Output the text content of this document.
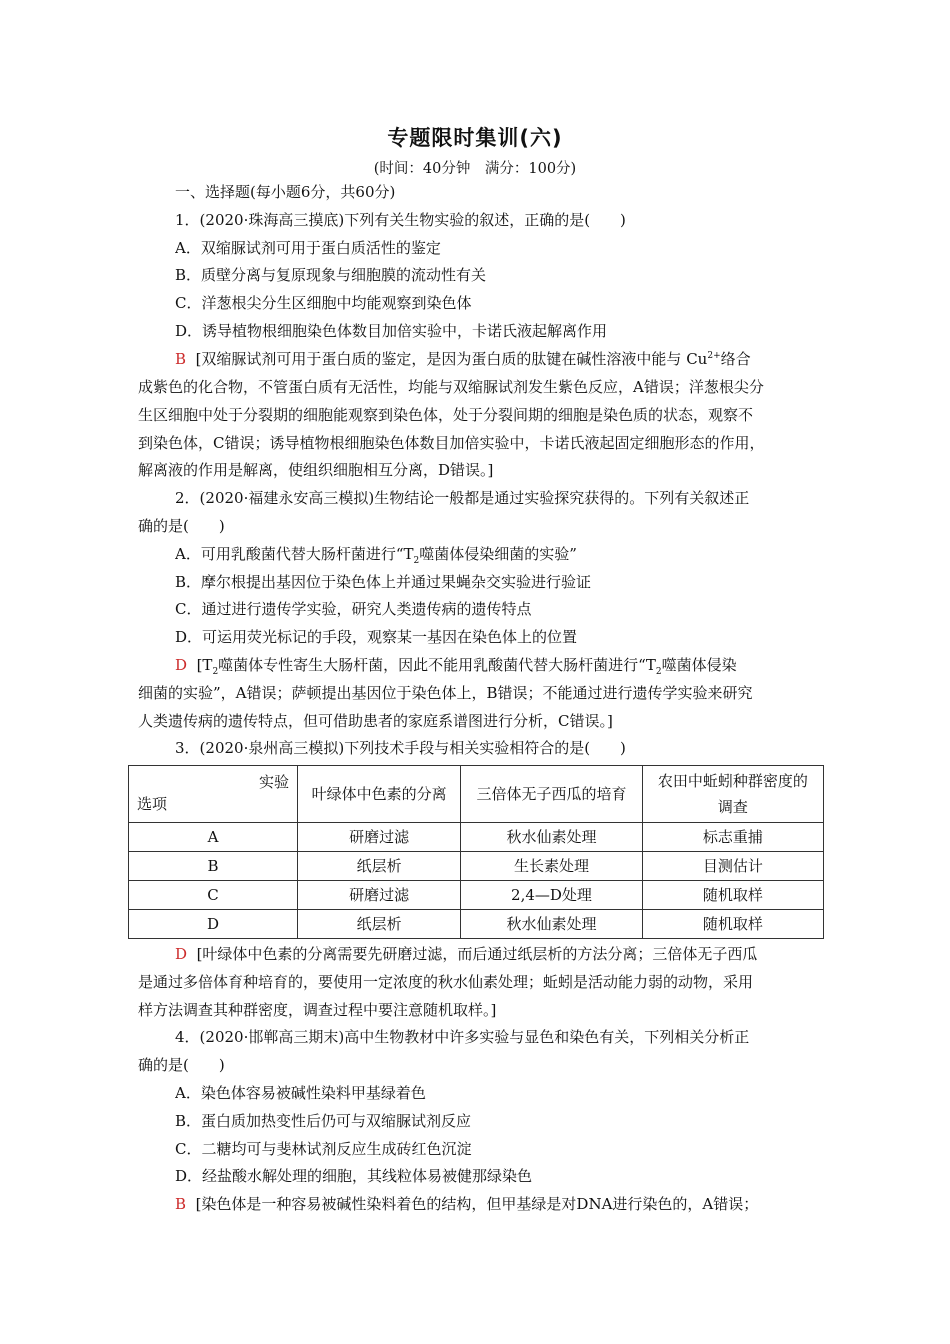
专题限时集训(六)
(时间：40分钟　满分：100分)
一、选择题(每小题6分，共60分)
1．(2020·珠海高三摸底)下列有关生物实验的叙述，正确的是(　　)
A．双缩脲试剂可用于蛋白质活性的鉴定
B．质壁分离与复原现象与细胞膜的流动性有关
C．洋葱根尖分生区细胞中均能观察到染色体
D．诱导植物根细胞染色体数目加倍实验中，卡诺氏液起解离作用
B [双缩脲试剂可用于蛋白质的鉴定，是因为蛋白质的肽键在碱性溶液中能与 $Cu^{2+}$络合
成紫色的化合物，不管蛋白质有无活性，均能与双缩脲试剂发生紫色反应，A错误；洋葱根尖分
生区细胞中处于分裂期的细胞能观察到染色体，处于分裂间期的细胞是染色质的状态，观察不
到染色体，C错误；诱导植物根细胞染色体数目加倍实验中，卡诺氏液起固定细胞形态的作用，
解离液的作用是解离，使组织细胞相互分离，D错误。]
2．(2020·福建永安高三模拟)生物结论一般都是通过实验探究获得的。下列有关叙述正
确的是(　　)
A．可用乳酸菌代替大肠杆菌进行“$T_2$噬菌体侵染细菌的实验”
B．摩尔根提出基因位于染色体上并通过果蝇杂交实验进行验证
C．通过进行遗传学实验，研究人类遗传病的遗传特点
D．可运用荧光标记的手段，观察某一基因在染色体上的位置
D [$T_2$噬菌体专性寄生大肠杆菌，因此不能用乳酸菌代替大肠杆菌进行“$T_2$噬菌体侵染
细菌的实验”，A错误；萨顿提出基因位于染色体上，B错误；不能通过进行遗传学实验来研究
人类遗传病的遗传特点，但可借助患者的家庭系谱图进行分析，C错误。]
3．(2020·泉州高三模拟)下列技术手段与相关实验相符合的是(　　)
实验
选项	叶绿体中色素的分离	三倍体无子西瓜的培育	农田中蚯蚓种群密度的调查
A	研磨过滤	秋水仙素处理	标志重捕
B	纸层析	生长素处理	目测估计
C	研磨过滤	2,4—D处理	随机取样
D	纸层析	秋水仙素处理	随机取样
D [叶绿体中色素的分离需要先研磨过滤，而后通过纸层析的方法分离；三倍体无子西瓜
是通过多倍体育种培育的，要使用一定浓度的秋水仙素处理；蚯蚓是活动能力弱的动物，采用
样方法调查其种群密度，调查过程中要注意随机取样。]
4．(2020·邯郸高三期末)高中生物教材中许多实验与显色和染色有关，下列相关分析正
确的是(　　)
A．染色体容易被碱性染料甲基绿着色
B．蛋白质加热变性后仍可与双缩脲试剂反应
C．二糖均可与斐林试剂反应生成砖红色沉淀
D．经盐酸水解处理的细胞，其线粒体易被健那绿染色
B [染色体是一种容易被碱性染料着色的结构，但甲基绿是对DNA进行染色的，A错误；
